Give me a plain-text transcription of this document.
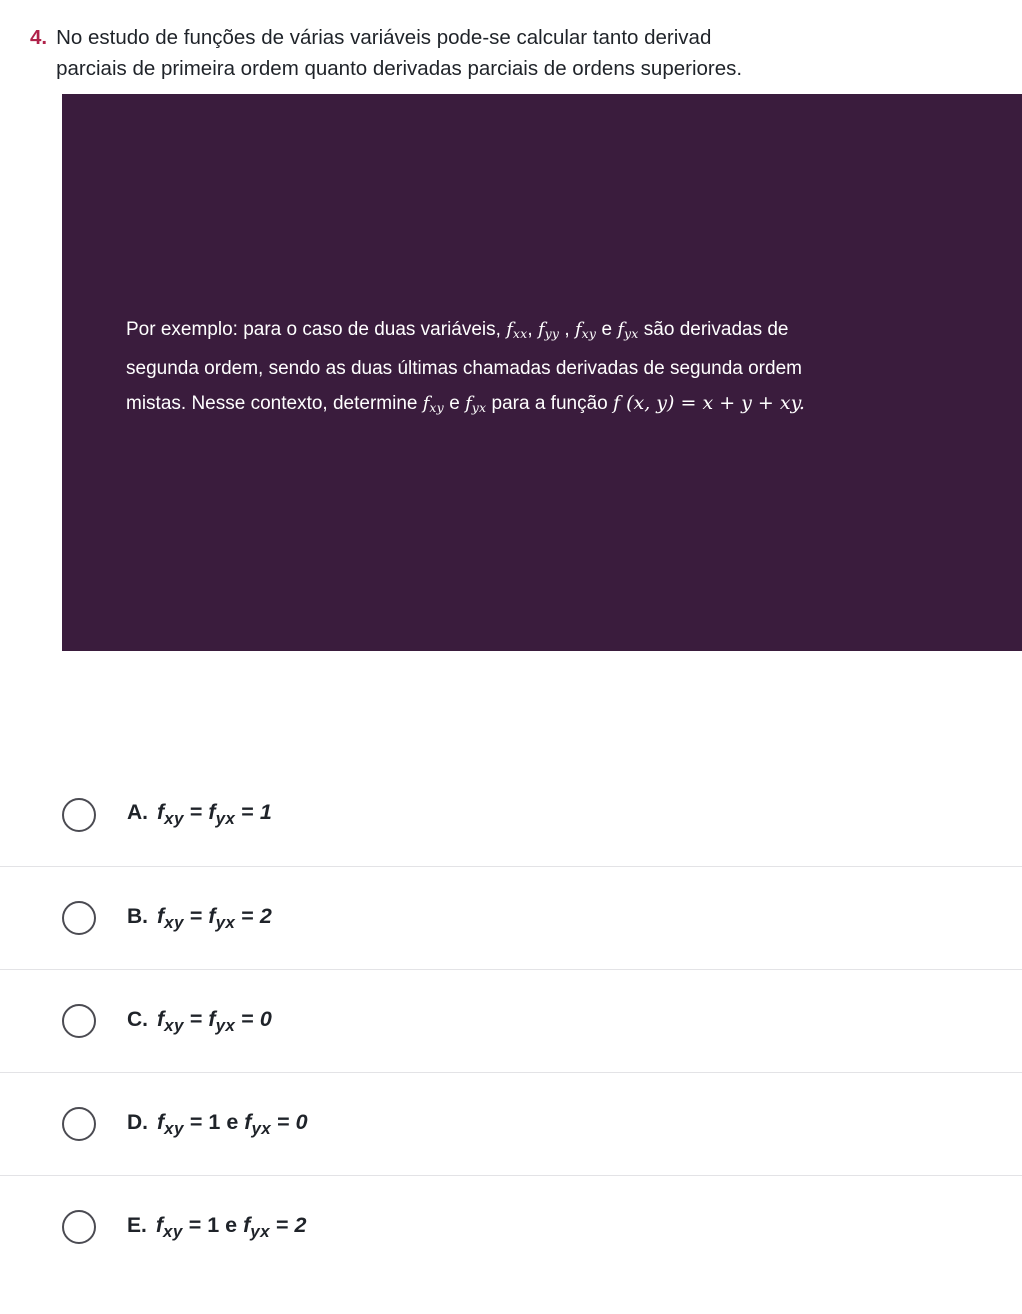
4. No estudo de funções de várias variáveis pode-se calcular tanto derivad
parciais de primeira ordem quanto derivadas parciais de ordens superiores.
Por exemplo: para o caso de duas variáveis, $f_{xx}$, $f_{yy}$ , $f_{xy}$ e $f_{yx}$ são derivadas de
segunda ordem, sendo as duas últimas chamadas derivadas de segunda ordem
mistas. Nesse contexto, determine $f_{xy}$ e $f_{yx}$ para a função f (x, y) = x + y + xy.
A. $f_{xy} = f_{yx} = 1$
B. $f_{xy} = f_{yx} = 2$
C. $f_{xy} = f_{yx} = 0$
D. $f_{xy} = 1$ e $f_{yx} = 0$
E. $f_{xy} = 1$ e $f_{yx} = 2$
